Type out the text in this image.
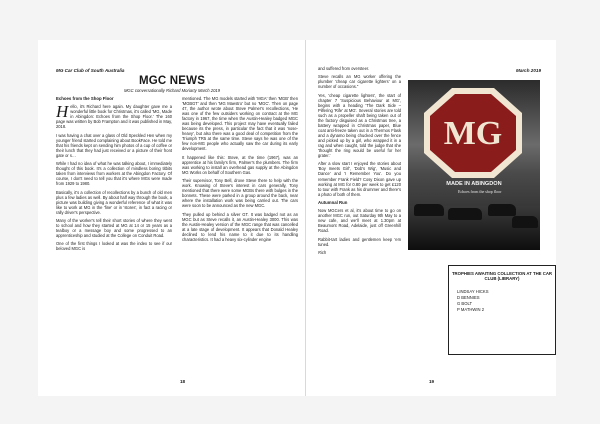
MG Car Club of South Australia	March 2019
MGC NEWS
MGC conversationally Richard Moriarty March 2019

Echoes from the Shop Floor

Hello, it's Richard here again. My daughter gave me a wonderful little book for Christmas, it's called 'MG, Made in Abingdon: Echoes from the Shop Floor.' The 160 page was written by Bob Frampton and it was published in May, 2018.

I was having a chat over a glass of Old Speckled Hen when my younger friend started complaining about BookFace. He told me that his friends kept on sending him photos of a cup of coffee or their lunch that they had just received or a picture of their front gate or s…

While I had no idea of what he was talking about, I immediately thought of this book. It's a collection of mindless boring titbits taken from interviews from workers at the Abingdon Factory. Of course, I don't need to tell you that it's where MGs were made from 1929 to 1980.

Basically, it's a collection of recollections by a bunch of old men plus a few ladies as well. By about half way through the book, a picture was building giving a wonderful reference of what it was like to work at MG in the 'fine' or in 'stores', in fact a racing or rally driver's perspective.

Many of the worker's tell their short stories of where they went to school and how they started at MG at 14 or 15 years as a tealboy or a message boy and some progressed to an apprenticeship and studied at the College on Conduit Road.

One of the first things I looked at was the index to see if our beloved MGC is

mentioned. The MG models started with 'MGA' then 'MGB' then 'MGBGT' and then 'MG Maestro' but no 'MGC'. Then on page 47, the author wrote about Steve Palmer's recollections, 'He was one of the few outsiders working on contract at the MG factory in 1967, the time when the Austin-Healey badged MGC was being developed. This project may have eventually failed because its the press, in particular the fact that it was 'nose-heavy', but also there was a good deal of competition from the Triumph TR5 at the same time. Steve says he was one of the few non-MG people who actually saw the car during its early development.

It happened like this: Steve, at the time (1967), was an apprentice at his family's firm, Palmer's the plumbers. The firm was working to install an overhead gas supply at the Abingdon MG Works on behalf of Southern Gas.

Their supervisor, Tony Bell, drove Steve there to help with the work. Knowing of Steve's interest in cars generally, Tony mentioned that there were some MGBs there with bulges in the bonnets. These were parked in a group around the back, near where the installation work was being carried out. The cars were soon to be announced as the new MGC.

They pulled up behind a silver GT. It was badged not as an MGC but as Steve recalls it, an Austin-Healey 3000. This was the Austin-Healey version of the MGC range that was cancelled at a late stage of development. It appears that Donald Healey declined to lend his name to it due to its handling characteristics. It had a heavy six-cylinder engine

and suffered from oversteer.

Steve recalls an MG worker offering the plumber 'cheap car cigarette lighters' on a number of occasions."

Yes, 'cheap cigarette lighters', the start of chapter 7 'Suspicious Behaviour at MG', begins with a heading 'The Dark Side – Pilfering 'Rife' at MG'. Several stories are told such as a propeller shaft being taken out of the factory disguised as a Christmas tree, a battery wrapped in Christmas paper, Blue coat anti-freeze taken out in a Thermos Flask and a dynamo being chucked over the fence and picked up by a girl, who wrapped it in a rag and when caught, told the judge that she 'thought the ring would be useful for her grater.'

After a slow start I enjoyed the stories about 'Boy meets Girl', 'Dob's Wig', 'Music and Dance' and 'I Remember You'. Do you remember Frank Field? Cosy Dixon gave up working at MG for 0.80 per week to get £120 to tour with Frank as his drummer and there's a photo of both of them.

Autumnal Run

Now MGCers et al, it's about time to go on another MGC run, out Saturday 9th May to a new cafe, and we'll meet at 1.30pm at Beaumont Road, Adelaide, just off Greenhill Road.

Rabbit-tart ladies and gentlemen keep 'em tuned.

Rich

18	19
MG
MADE IN ABINGDON
Echoes from the shop floor
TROPHIES AWAITING COLLECTION AT THE CAR CLUB (LIBRARY)
LINDSAY HICKS
D BENNIES
G BOLT
P MATHWIN 2
